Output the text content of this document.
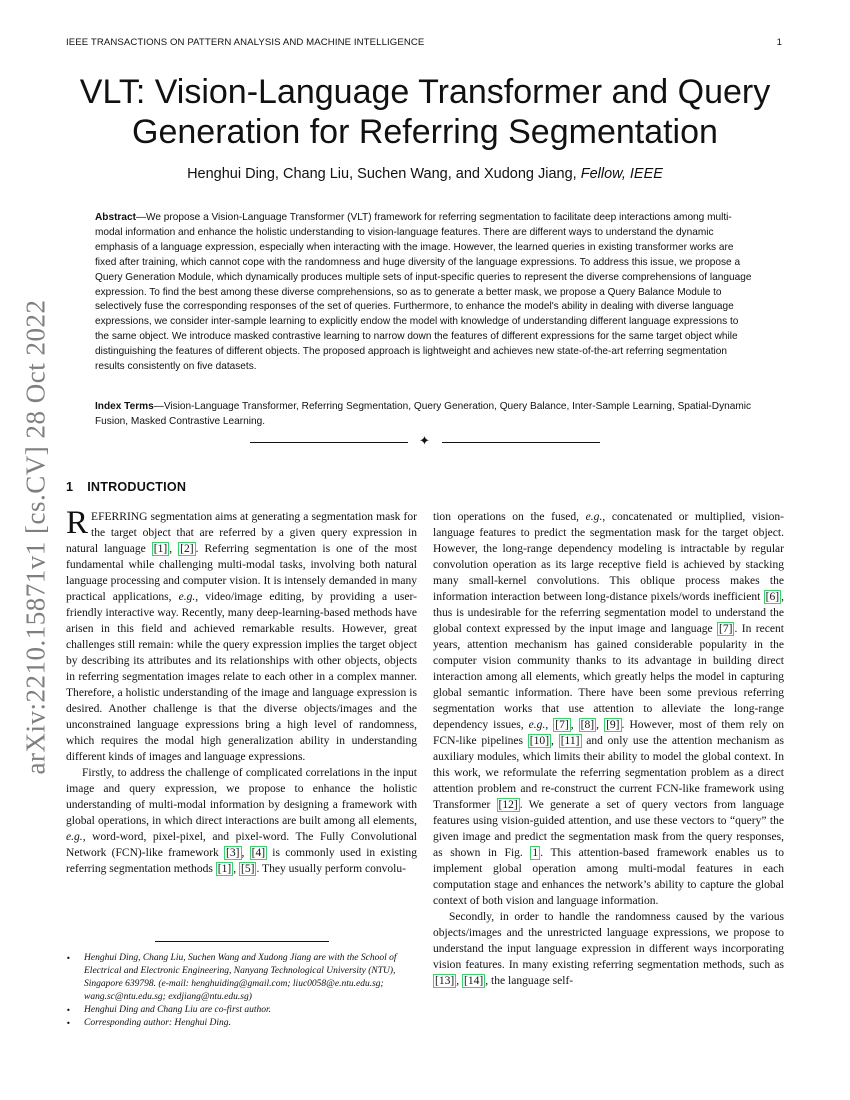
IEEE TRANSACTIONS ON PATTERN ANALYSIS AND MACHINE INTELLIGENCE	1
arXiv:2210.15871v1 [cs.CV] 28 Oct 2022
VLT: Vision-Language Transformer and Query Generation for Referring Segmentation
Henghui Ding, Chang Liu, Suchen Wang, and Xudong Jiang, Fellow, IEEE
Abstract—We propose a Vision-Language Transformer (VLT) framework for referring segmentation to facilitate deep interactions among multi-modal information and enhance the holistic understanding to vision-language features. There are different ways to understand the dynamic emphasis of a language expression, especially when interacting with the image. However, the learned queries in existing transformer works are fixed after training, which cannot cope with the randomness and huge diversity of the language expressions. To address this issue, we propose a Query Generation Module, which dynamically produces multiple sets of input-specific queries to represent the diverse comprehensions of language expression. To find the best among these diverse comprehensions, so as to generate a better mask, we propose a Query Balance Module to selectively fuse the corresponding responses of the set of queries. Furthermore, to enhance the model's ability in dealing with diverse language expressions, we consider inter-sample learning to explicitly endow the model with knowledge of understanding different language expressions to the same object. We introduce masked contrastive learning to narrow down the features of different expressions for the same target object while distinguishing the features of different objects. The proposed approach is lightweight and achieves new state-of-the-art referring segmentation results consistently on five datasets.
Index Terms—Vision-Language Transformer, Referring Segmentation, Query Generation, Query Balance, Inter-Sample Learning, Spatial-Dynamic Fusion, Masked Contrastive Learning.
✦
1 INTRODUCTION

REFERRING segmentation aims at generating a segmentation mask for the target object that are referred by a given query expression in natural language [1] , [2] . Referring segmentation is one of the most fundamental while challenging multi-modal tasks, involving both natural language processing and computer vision. It is intensely demanded in many practical applications, e.g., video/image editing, by providing a user-friendly interactive way. Recently, many deep-learning-based methods have arisen in this field and achieved remarkable results. However, great challenges still remain: while the query expression implies the target object by describing its attributes and its relationships with other objects, objects in referring segmentation images relate to each other in a complex manner. Therefore, a holistic understanding of the image and language expression is desired. Another challenge is that the diverse objects/images and the unconstrained language expressions bring a high level of randomness, which requires the modal high generalization ability in understanding different kinds of images and language expressions.

Firstly, to address the challenge of complicated correlations in the input image and query expression, we propose to enhance the holistic understanding of multi-modal information by designing a framework with global operations, in which direct interactions are built among all elements, e.g., word-word, pixel-pixel, and pixel-word. The Fully Convolutional Network (FCN)-like framework [3] , [4] is commonly used in existing referring segmentation methods [1] , [5] . They usually perform convolu-

tion operations on the fused, e.g., concatenated or multiplied, vision-language features to predict the segmentation mask for the target object. However, the long-range dependency modeling is intractable by regular convolution operation as its large receptive field is achieved by stacking many small-kernel convolutions. This oblique process makes the information interaction between long-distance pixels/words inefficient [6] , thus is undesirable for the referring segmentation model to understand the global context expressed by the input image and language [7] . In recent years, attention mechanism has gained considerable popularity in the computer vision community thanks to its advantage in building direct interaction among all elements, which greatly helps the model in capturing global semantic information. There have been some previous referring segmentation works that use attention to alleviate the long-range dependency issues, e.g., [7] , [8] , [9] . However, most of them rely on FCN-like pipelines [10] , [11] and only use the attention mechanism as auxiliary modules, which limits their ability to model the global context. In this work, we reformulate the referring segmentation problem as a direct attention problem and re-construct the current FCN-like framework using Transformer [12] . We generate a set of query vectors from language features using vision-guided attention, and use these vectors to “query” the given image and predict the segmentation mask from the query responses, as shown in Fig. 1 . This attention-based framework enables us to implement global operation among multi-modal features in each computation stage and enhances the network’s ability to capture the global context of both vision and language information.

Secondly, in order to handle the randomness caused by the various objects/images and the unrestricted language expressions, we propose to understand the input language expression in different ways incorporating vision features. In many existing referring segmentation methods, such as [13] , [14] , the language self-

• Henghui Ding, Chang Liu, Suchen Wang and Xudong Jiang are with the School of Electrical and Electronic Engineering, Nanyang Technological University (NTU), Singapore 639798. (e-mail: henghuiding@gmail.com; liuc0058@e.ntu.edu.sg; wang.sc@ntu.edu.sg; exdjiang@ntu.edu.sg)
• Henghui Ding and Chang Liu are co-first author.
• Corresponding author: Henghui Ding.
